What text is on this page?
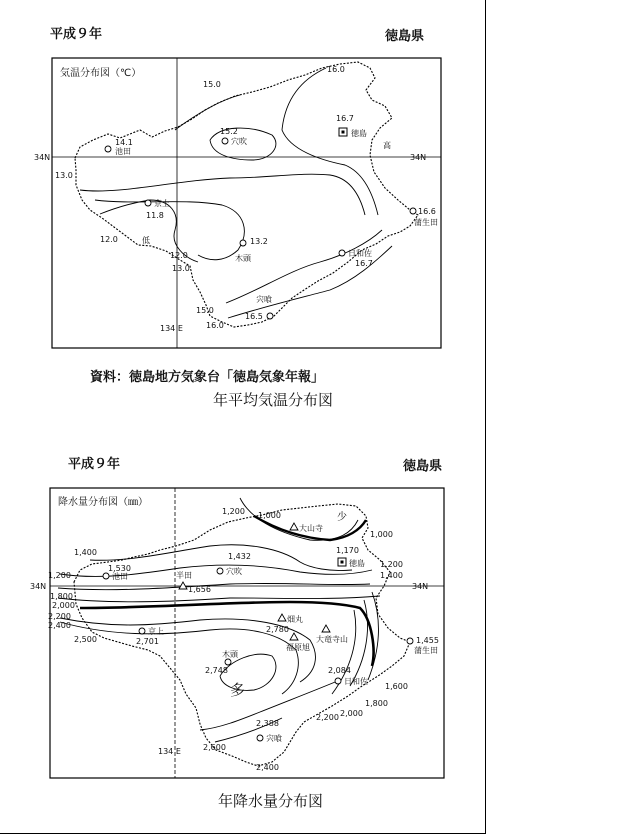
平成９年	徳島県
気温分布図（℃）
34N	34N
134 E
14.1
池田
15.2
穴吹
16.7
徳島
京上
11.8
13.2
木頭
日和佐
16.7
16.6
蒲生田
16.5
宍喰
15.0
16.0
13.0
12.0
12.0
13.0
15.0
16.0
低
高
資料：徳島地方気象台「徳島気象年報」
年平均気温分布図
平成９年	徳島県
降水量分布図（㎜）
34N	34N
134 E
池田
1,530	穴吹
1,432
半田
1,656
徳島
1,170
大山寺
京上
2,701
畑丸
2,780
福原旭
大竜寺山
木頭
2,748
日和佐
2,084
宍喰
2,388
蒲生田
1,455
1,200 1,000
1,000
1,400
1,200
1,200
1,400
1,800
2,000
2,200
2,400
2,500
1,600
1,800
2,000
2,200
2,600
2,400
少
多
年降水量分布図
